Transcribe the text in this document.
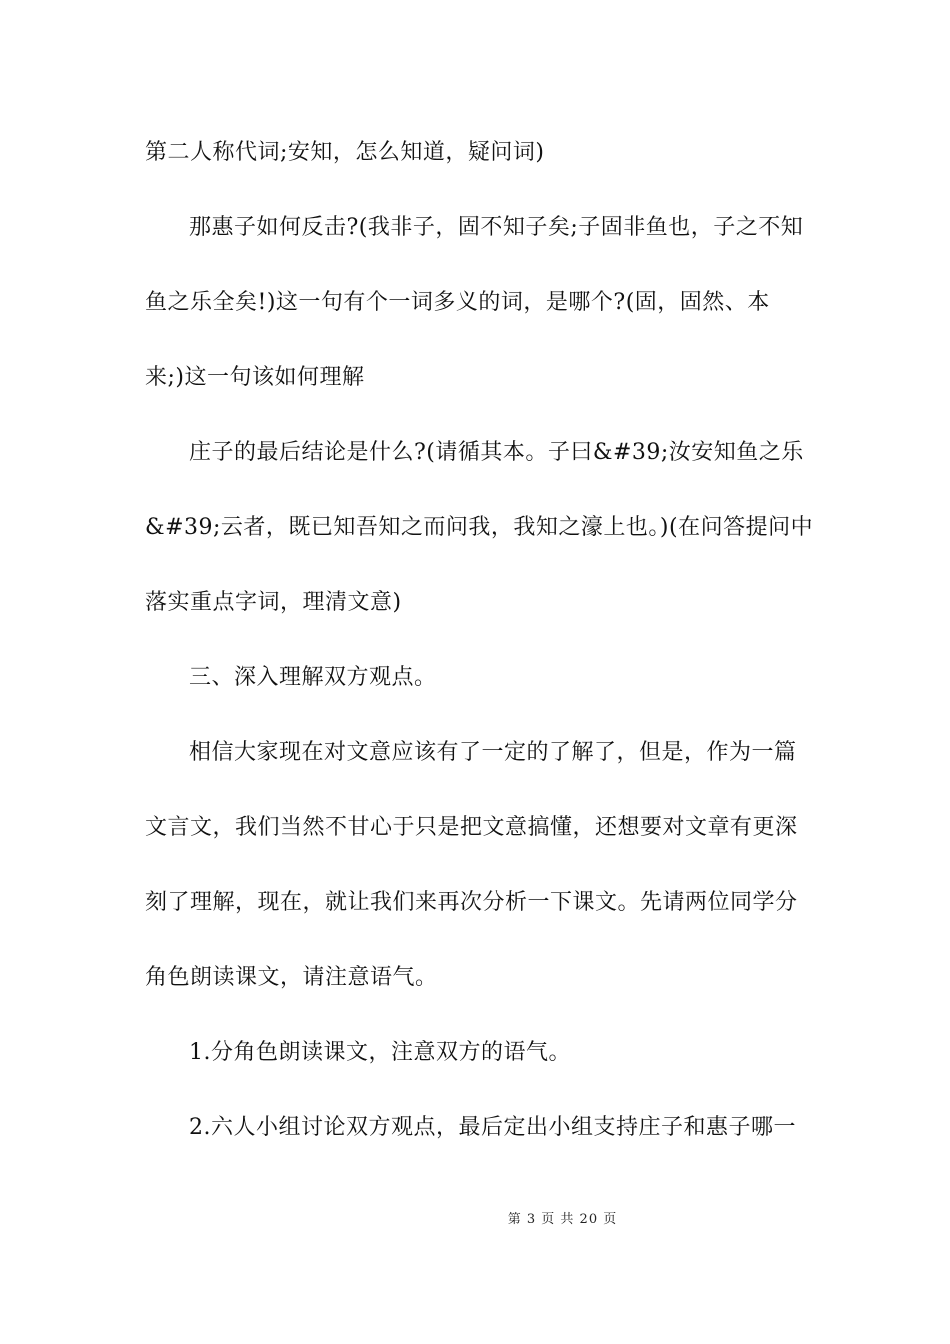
第二人称代词;安知，怎么知道，疑问词)
那惠子如何反击?(我非子，固不知子矣;子固非鱼也，子之不知
鱼之乐全矣!)这一句有个一词多义的词，是哪个?(固，固然、本
来;)这一句该如何理解
庄子的最后结论是什么?(请循其本。子曰&#39;汝安知鱼之乐
&#39;云者，既已知吾知之而问我，我知之濠上也。)(在问答提问中
落实重点字词，理清文意)
三、深入理解双方观点。
相信大家现在对文意应该有了一定的了解了，但是，作为一篇
文言文，我们当然不甘心于只是把文意搞懂，还想要对文章有更深
刻了理解，现在，就让我们来再次分析一下课文。先请两位同学分
角色朗读课文，请注意语气。
1.分角色朗读课文，注意双方的语气。
2.六人小组讨论双方观点，最后定出小组支持庄子和惠子哪一
第 3 页 共 20 页
